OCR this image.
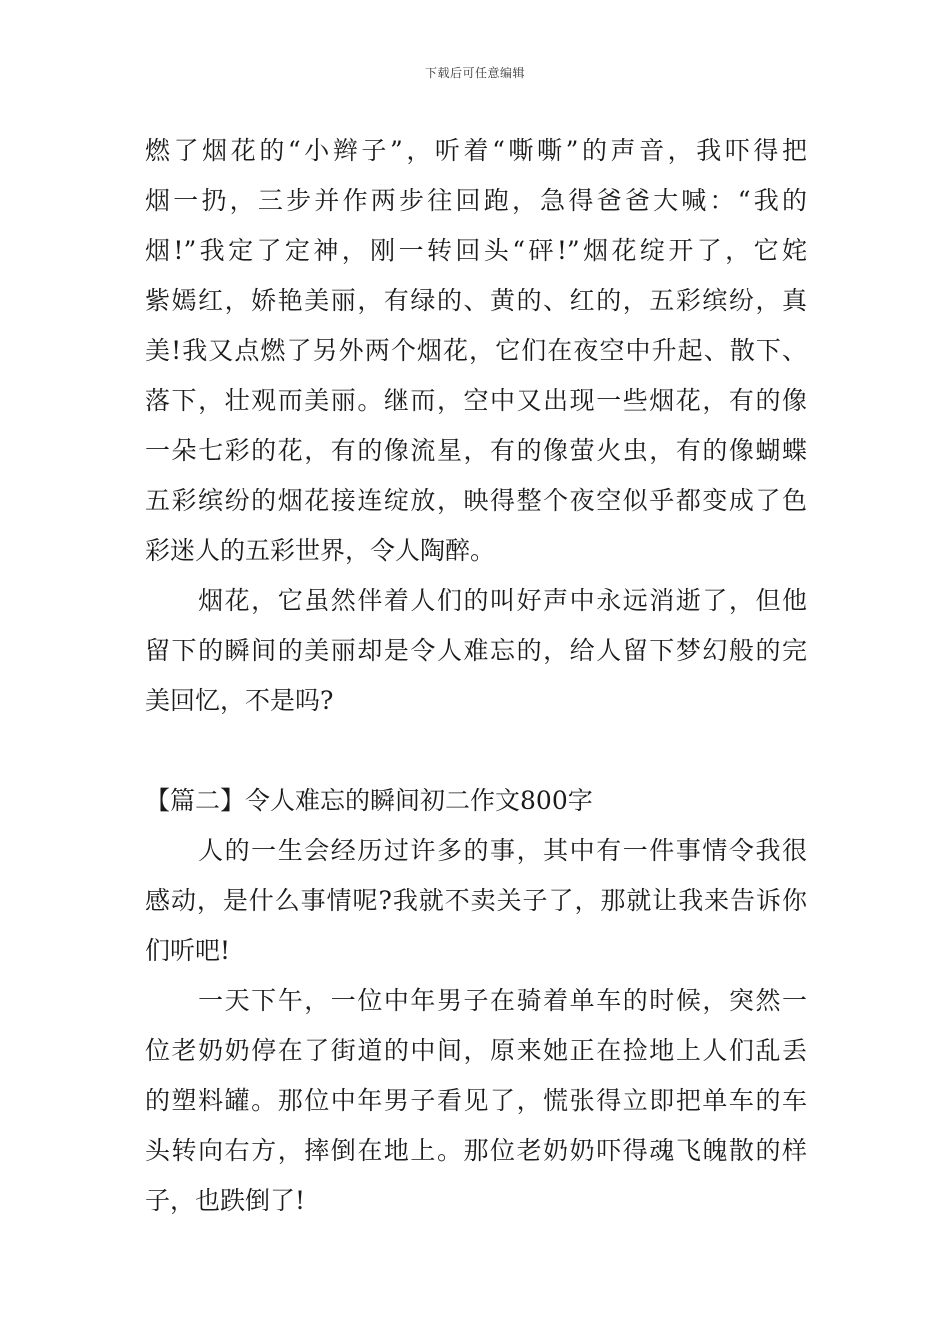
下载后可任意编辑
燃了烟花的“小辫子”，听着“嘶嘶”的声音，我吓得把
烟一扔，三步并作两步往回跑，急得爸爸大喊：“我的
烟!”我定了定神，刚一转回头“砰!”烟花绽开了，它姹
紫嫣红，娇艳美丽，有绿的、黄的、红的，五彩缤纷，真
美!我又点燃了另外两个烟花，它们在夜空中升起、散下、
落下，壮观而美丽。继而，空中又出现一些烟花，有的像
一朵七彩的花，有的像流星，有的像萤火虫，有的像蝴蝶
五彩缤纷的烟花接连绽放，映得整个夜空似乎都变成了色
彩迷人的五彩世界，令人陶醉。
　　烟花，它虽然伴着人们的叫好声中永远消逝了，但他
留下的瞬间的美丽却是令人难忘的，给人留下梦幻般的完
美回忆，不是吗?
【篇二】令人难忘的瞬间初二作文800字
　　人的一生会经历过许多的事，其中有一件事情令我很
感动，是什么事情呢?我就不卖关子了，那就让我来告诉你
们听吧!
　　一天下午，一位中年男子在骑着单车的时候，突然一
位老奶奶停在了街道的中间，原来她正在捡地上人们乱丢
的塑料罐。那位中年男子看见了，慌张得立即把单车的车
头转向右方，摔倒在地上。那位老奶奶吓得魂飞魄散的样
子，也跌倒了!
